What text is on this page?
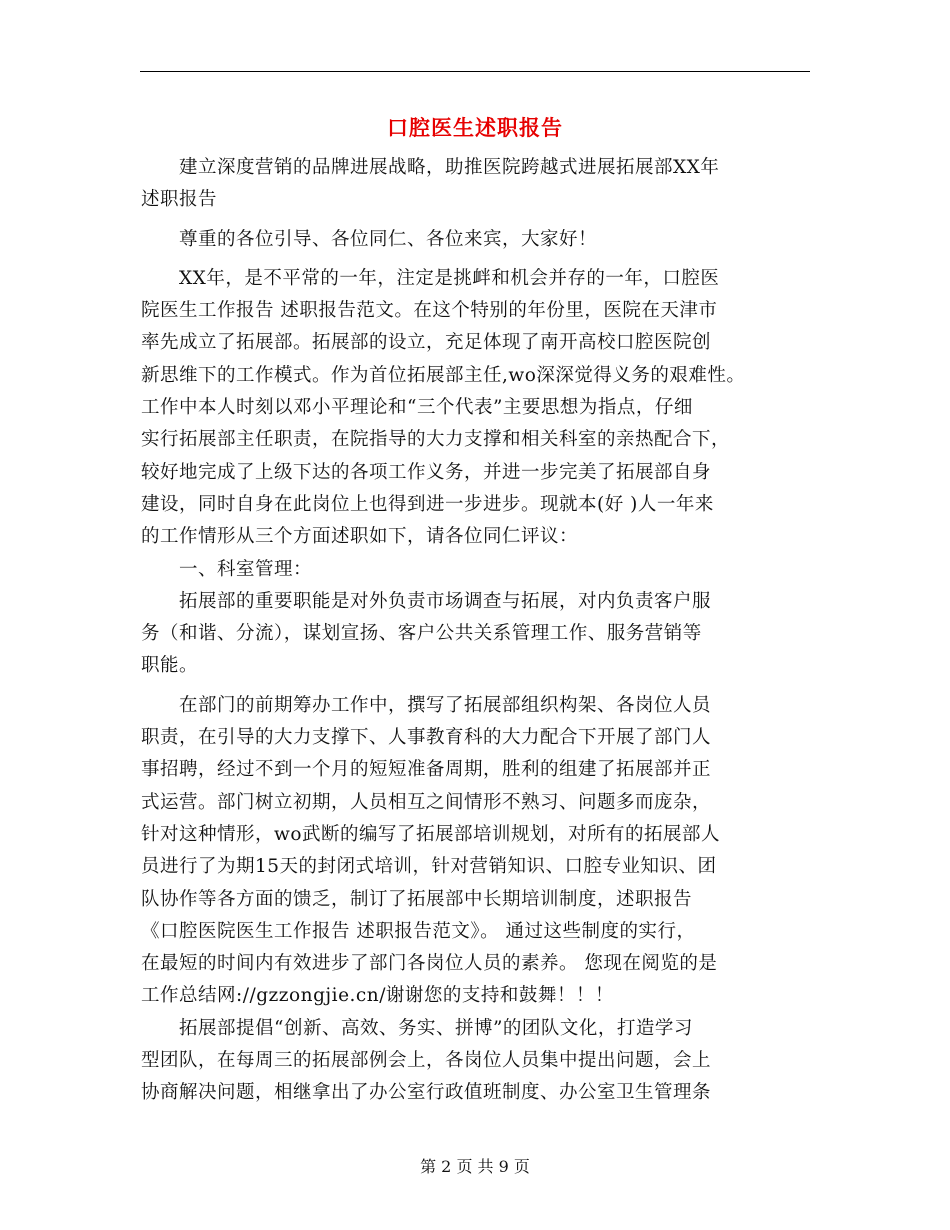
口腔医生述职报告
　　建立深度营销的品牌进展战略，助推医院跨越式进展拓展部XX年
述职报告
　　尊重的各位引导、各位同仁、各位来宾，大家好！
　　XX年，是不平常的一年，注定是挑衅和机会并存的一年，口腔医
院医生工作报告 述职报告范文。在这个特别的年份里，医院在天津市
率先成立了拓展部。拓展部的设立，充足体现了南开高校口腔医院创
新思维下的工作模式。作为首位拓展部主任,wo深深觉得义务的艰难性。
工作中本人时刻以邓小平理论和“三个代表”主要思想为指点，仔细
实行拓展部主任职责，在院指导的大力支撑和相关科室的亲热配合下，
较好地完成了上级下达的各项工作义务，并进一步完美了拓展部自身
建设，同时自身在此岗位上也得到进一步进步。现就本(好 )人一年来
的工作情形从三个方面述职如下，请各位同仁评议：
　　一、科室管理：
　　拓展部的重要职能是对外负责市场调查与拓展，对内负责客户服
务（和谐、分流），谋划宣扬、客户公共关系管理工作、服务营销等
职能。
　　在部门的前期筹办工作中，撰写了拓展部组织构架、各岗位人员
职责，在引导的大力支撑下、人事教育科的大力配合下开展了部门人
事招聘，经过不到一个月的短短准备周期，胜利的组建了拓展部并正
式运营。部门树立初期，人员相互之间情形不熟习、问题多而庞杂，
针对这种情形，wo武断的编写了拓展部培训规划，对所有的拓展部人
员进行了为期15天的封闭式培训，针对营销知识、口腔专业知识、团
队协作等各方面的馈乏，制订了拓展部中长期培训制度，述职报告
《口腔医院医生工作报告 述职报告范文》。 通过这些制度的实行，
在最短的时间内有效进步了部门各岗位人员的素养。 您现在阅览的是
工作总结网://gzzongjie.cn/谢谢您的支持和鼓舞！！！
　　拓展部提倡“创新、高效、务实、拼博”的团队文化，打造学习
型团队，在每周三的拓展部例会上，各岗位人员集中提出问题，会上
协商解决问题，相继拿出了办公室行政值班制度、办公室卫生管理条
第 2 页 共 9 页
